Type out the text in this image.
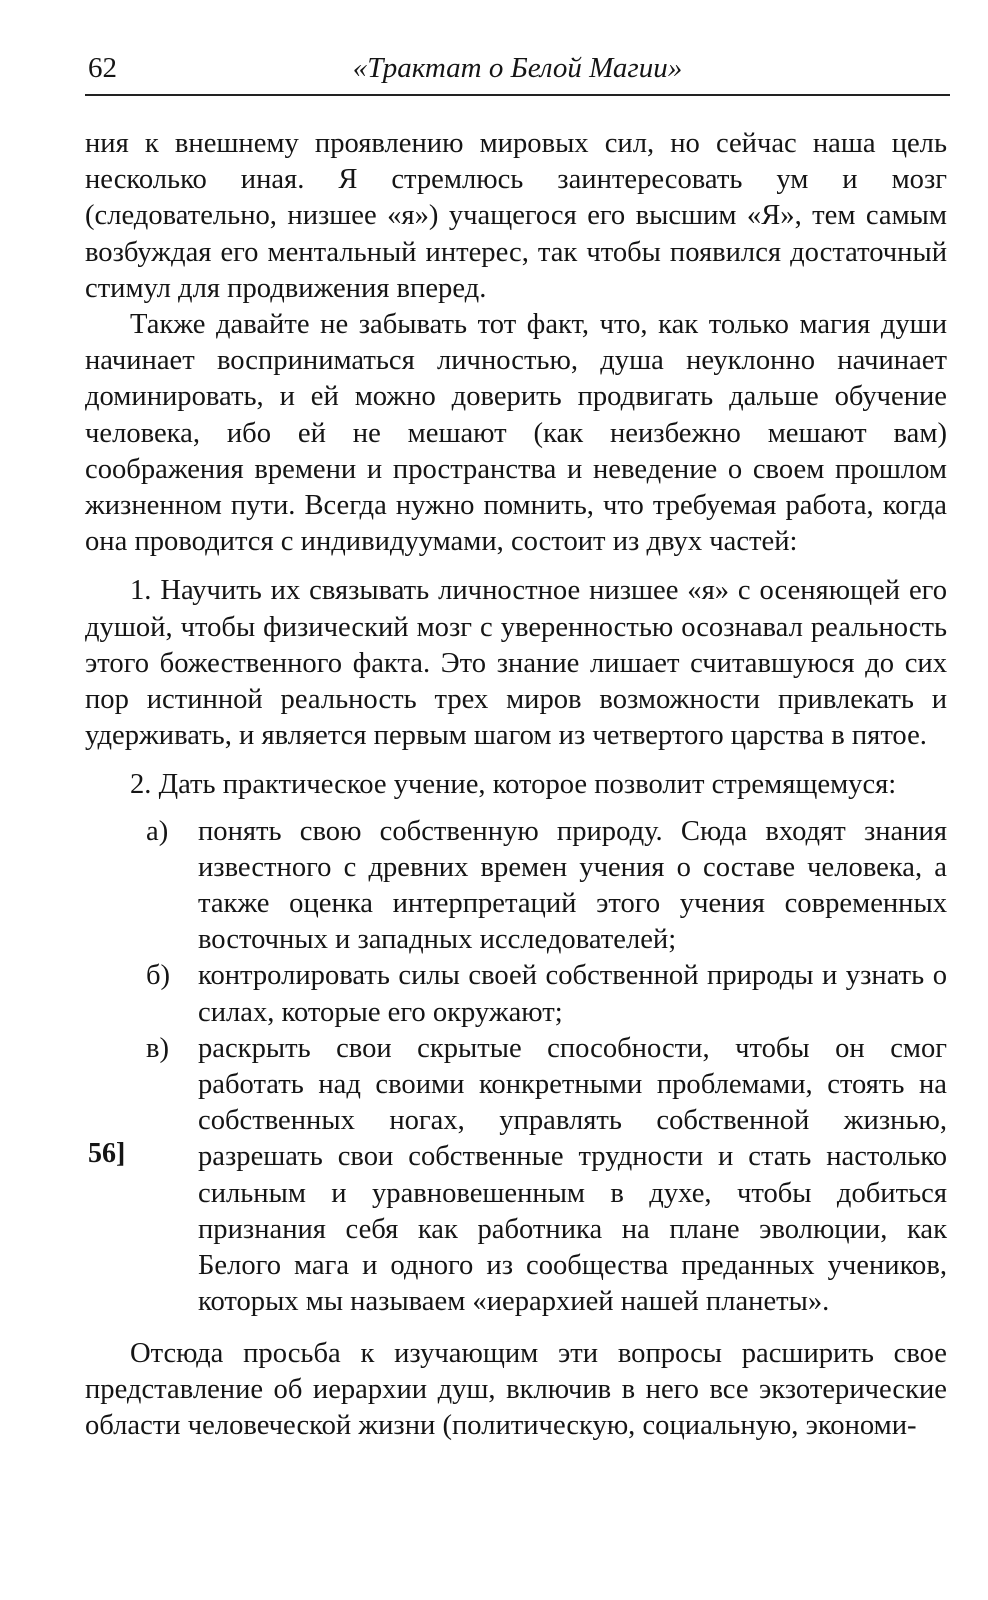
62	«Трактат о Белой Магии»

ния к внешнему проявлению мировых сил, но сейчас наша цель несколько иная. Я стремлюсь заинтересовать ум и мозг (следовательно, низшее «я») учащегося его высшим «Я», тем самым возбуждая его ментальный интерес, так чтобы появился достаточный стимул для продвижения вперед.

Также давайте не забывать тот факт, что, как только магия души начинает восприниматься личностью, душа неуклонно начинает доминировать, и ей можно доверить продвигать дальше обучение человека, ибо ей не мешают (как неизбежно мешают вам) соображения времени и пространства и неведение о своем прошлом жизненном пути. Всегда нужно помнить, что требуемая работа, когда она проводится с индивидуумами, состоит из двух частей:

1. Научить их связывать личностное низшее «я» с осеняющей его душой, чтобы физический мозг с уверенностью осознавал реальность этого божественного факта. Это знание лишает считавшуюся до сих пор истинной реальность трех миров возможности привлекать и удерживать, и является первым шагом из четвертого царства в пятое.

2. Дать практическое учение, которое позволит стремящемуся:

а)	понять свою собственную природу. Сюда входят знания известного с древних времен учения о составе человека, а также оценка интерпретаций этого учения современных восточных и западных исследователей;
б) контролировать силы своей собственной природы и узнать о силах, которые его окружают;
в)	раскрыть свои скрытые способности, чтобы он смог работать над своими конкретными проблемами, стоять на собственных ногах, управлять собственной жизнью, разрешать свои собственные трудности и стать настолько сильным и уравновешенным в духе, чтобы добиться признания себя как работника на плане эволюции, как Белого мага и одного из сообщества преданных учеников, которых мы называем «иерархией нашей планеты».

Отсюда просьба к изучающим эти вопросы расширить свое представление об иерархии душ, включив в него все экзотерические области человеческой жизни (политическую, социальную, экономи-

56]
